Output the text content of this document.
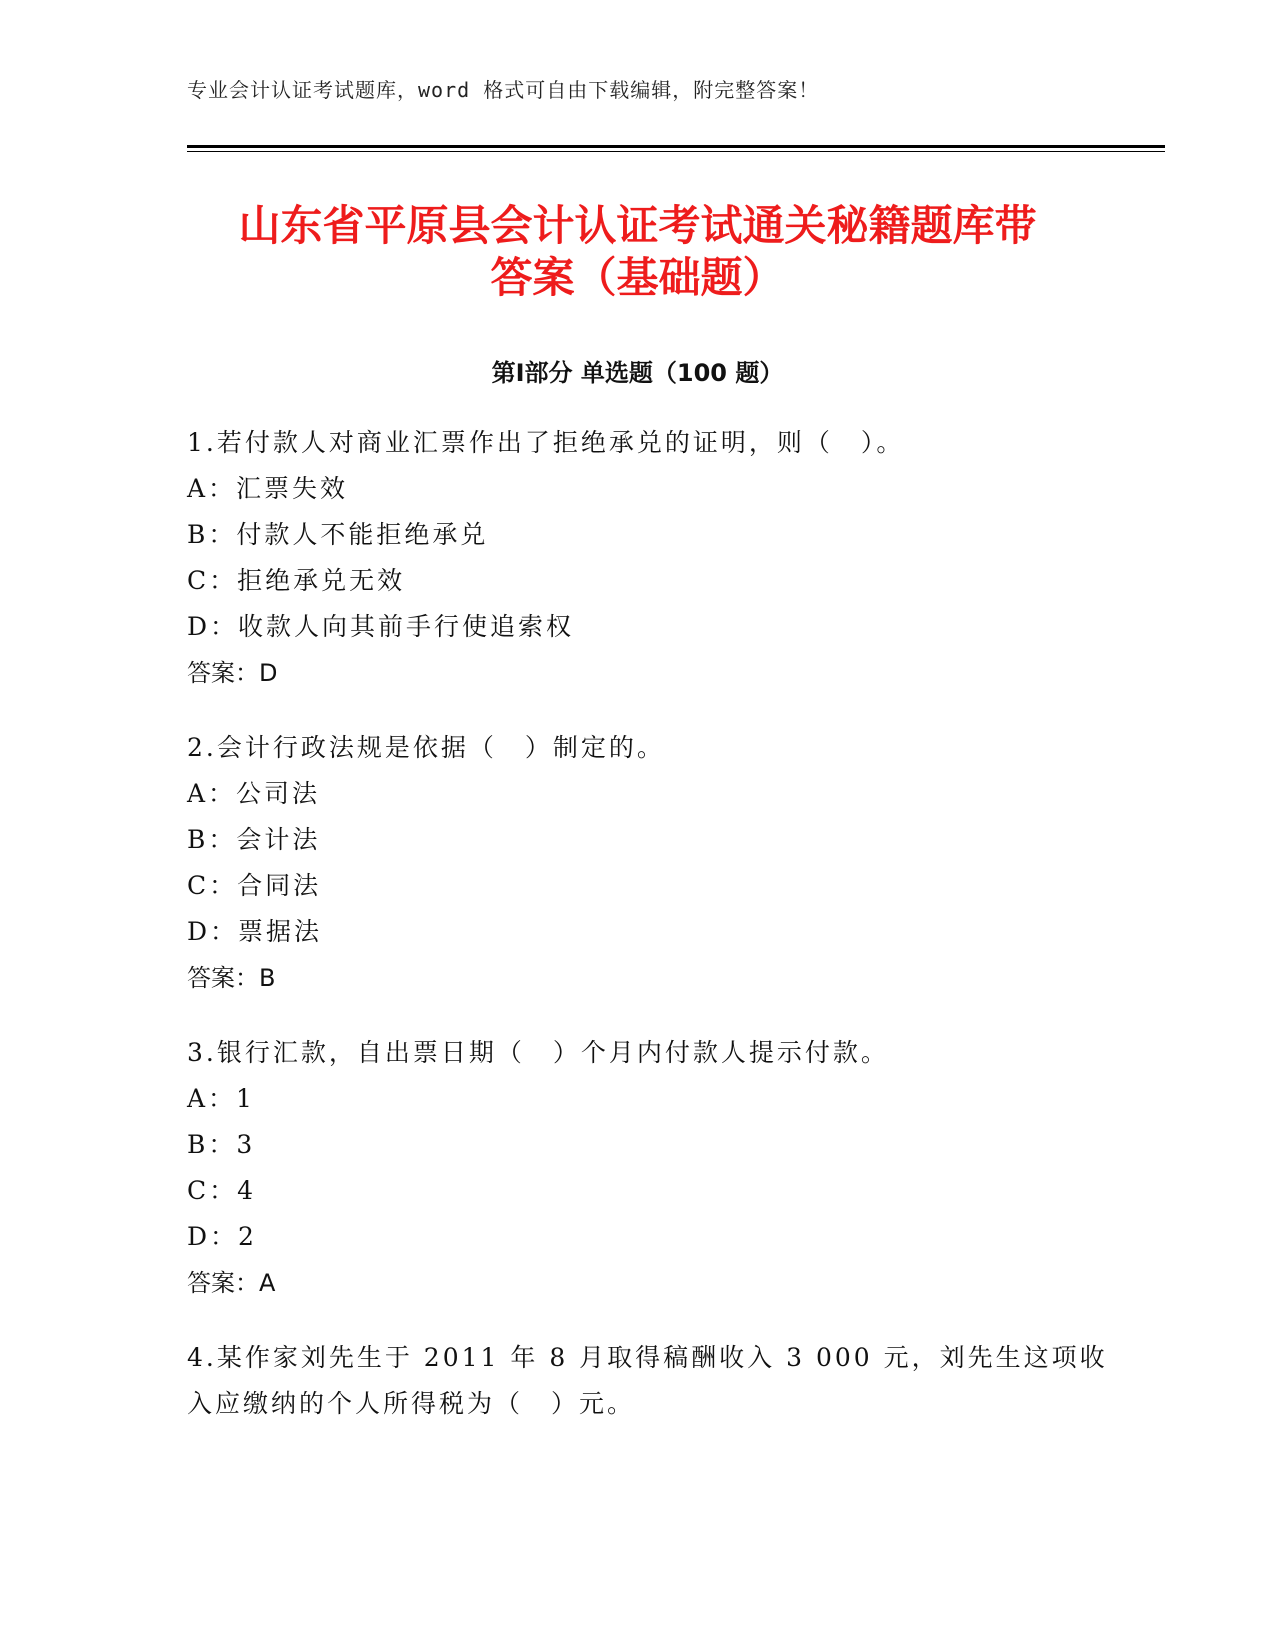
专业会计认证考试题库，word 格式可自由下载编辑，附完整答案！
山东省平原县会计认证考试通关秘籍题库带
答案（基础题）
第Ⅰ部分 单选题（100 题）
1.若付款人对商业汇票作出了拒绝承兑的证明，则（　）。
A：汇票失效
B：付款人不能拒绝承兑
C：拒绝承兑无效
D：收款人向其前手行使追索权
答案：D
2.会计行政法规是依据（　）制定的。
A：公司法
B：会计法
C：合同法
D：票据法
答案：B
3.银行汇款，自出票日期（　）个月内付款人提示付款。
A：1
B：3
C：4
D：2
答案：A
4.某作家刘先生于 2011 年 8 月取得稿酬收入 3 000 元，刘先生这项收
入应缴纳的个人所得税为（　）元。
